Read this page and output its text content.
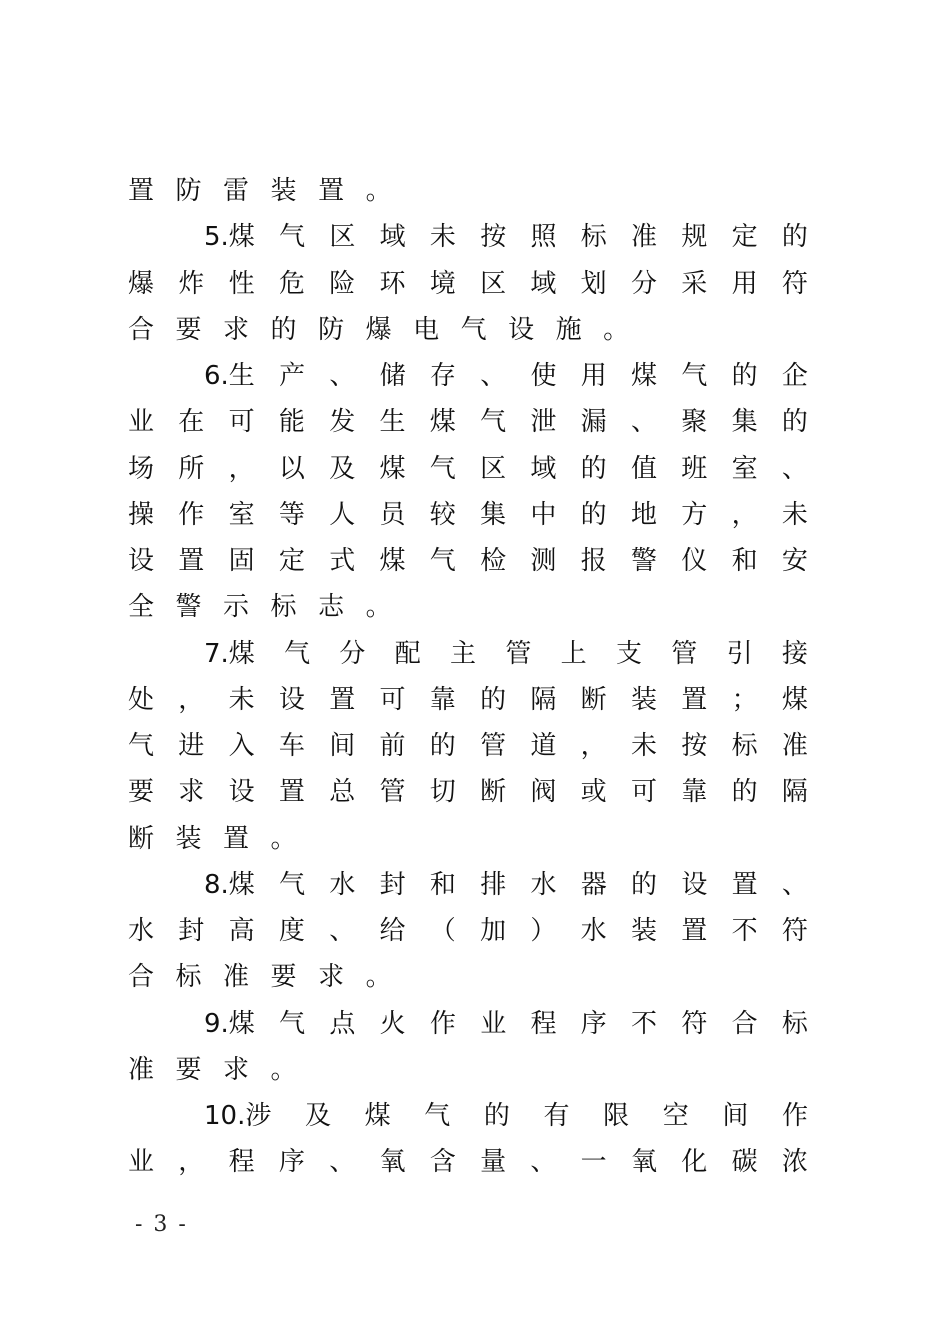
置 防 雷 装 置 。
5.煤 气 区 域 未 按 照 标 准 规 定 的
爆 炸 性 危 险 环 境 区 域 划 分 采 用 符
合 要 求 的 防 爆 电 气 设 施 。
6.生 产 、 储 存 、 使 用 煤 气 的 企
业 在 可 能 发 生 煤 气 泄 漏 、 聚 集 的
场 所 ， 以 及 煤 气 区 域 的 值 班 室 、
操 作 室 等 人 员 较 集 中 的 地 方 ， 未
设 置 固 定 式 煤 气 检 测 报 警 仪 和 安
全 警 示 标 志 。
7.煤 气 分 配 主 管 上 支 管 引 接
处 ， 未 设 置 可 靠 的 隔 断 装 置 ； 煤
气 进 入 车 间 前 的 管 道 ， 未 按 标 准
要 求 设 置 总 管 切 断 阀 或 可 靠 的 隔
断 装 置 。
8.煤 气 水 封 和 排 水 器 的 设 置 、
水 封 高 度 、 给 （ 加 ） 水 装 置 不 符
合 标 准 要 求 。
9.煤 气 点 火 作 业 程 序 不 符 合 标
准 要 求 。
10.涉 及 煤 气 的 有 限 空 间 作
业 ， 程 序 、 氧 含 量 、 一 氧 化 碳 浓
- 3 -
